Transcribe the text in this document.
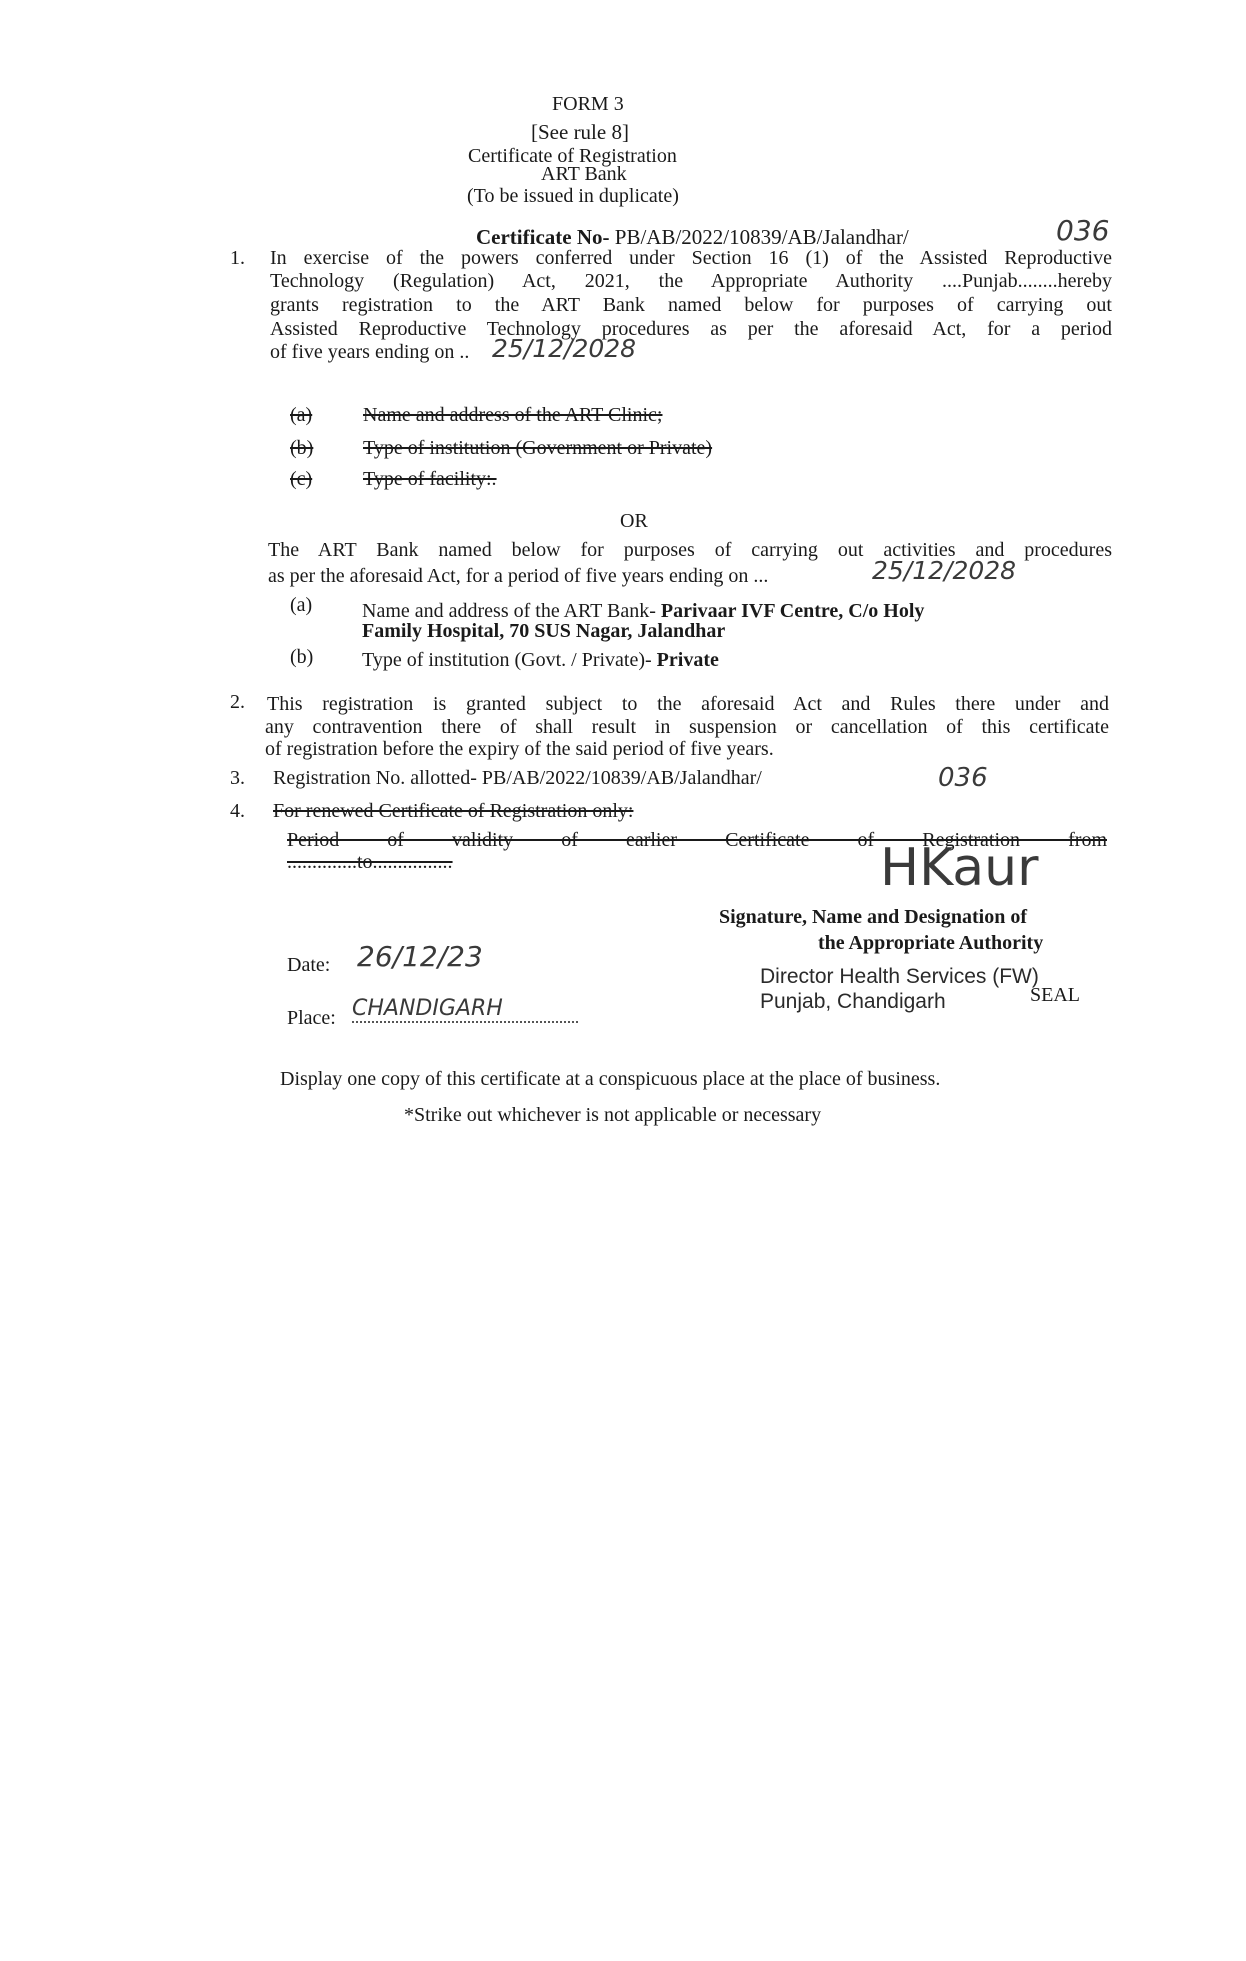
FORM 3
[See rule 8]
Certificate of Registration
ART Bank
(To be issued in duplicate)
Certificate No- PB/AB/2022/10839/AB/Jalandhar/	036
1. In exercise of the powers conferred under Section 16 (1) of the Assisted Reproductive
Technology (Regulation) Act, 2021, the Appropriate Authority ....Punjab........hereby
grants registration to the ART Bank named below for purposes of carrying out
Assisted Reproductive Technology procedures as per the aforesaid Act, for a period
of five years ending on .. 25/12/2028
(a)	Name and address of the ART Clinic;
(b) Type of institution (Government or Private)
(c)	Type of facility:.
OR
The ART Bank named below for purposes of carrying out activities and procedures
as per the aforesaid Act, for a period of five years ending on ...	25/12/2028
(a) Name and address of the ART Bank- Parivaar IVF Centre, C/o Holy
Family Hospital, 70 SUS Nagar, Jalandhar
(b) Type of institution (Govt. / Private)- Private
2. This registration is granted subject to the aforesaid Act and Rules there under and
any contravention there of shall result in suspension or cancellation of this certificate
of registration before the expiry of the said period of five years.
3. Registration No. allotted- PB/AB/2022/10839/AB/Jalandhar/	036
4. For renewed Certificate of Registration only:
Period of validity of earlier Certificate of Registration from
..............to................	HKaur
Signature, Name and Designation of
the Appropriate Authority
Director Health Services (FW)
Punjab, Chandigarh	SEAL
Date: 26/12/23
Place: CHANDIGARH
Display one copy of this certificate at a conspicuous place at the place of business.
*Strike out whichever is not applicable or necessary
